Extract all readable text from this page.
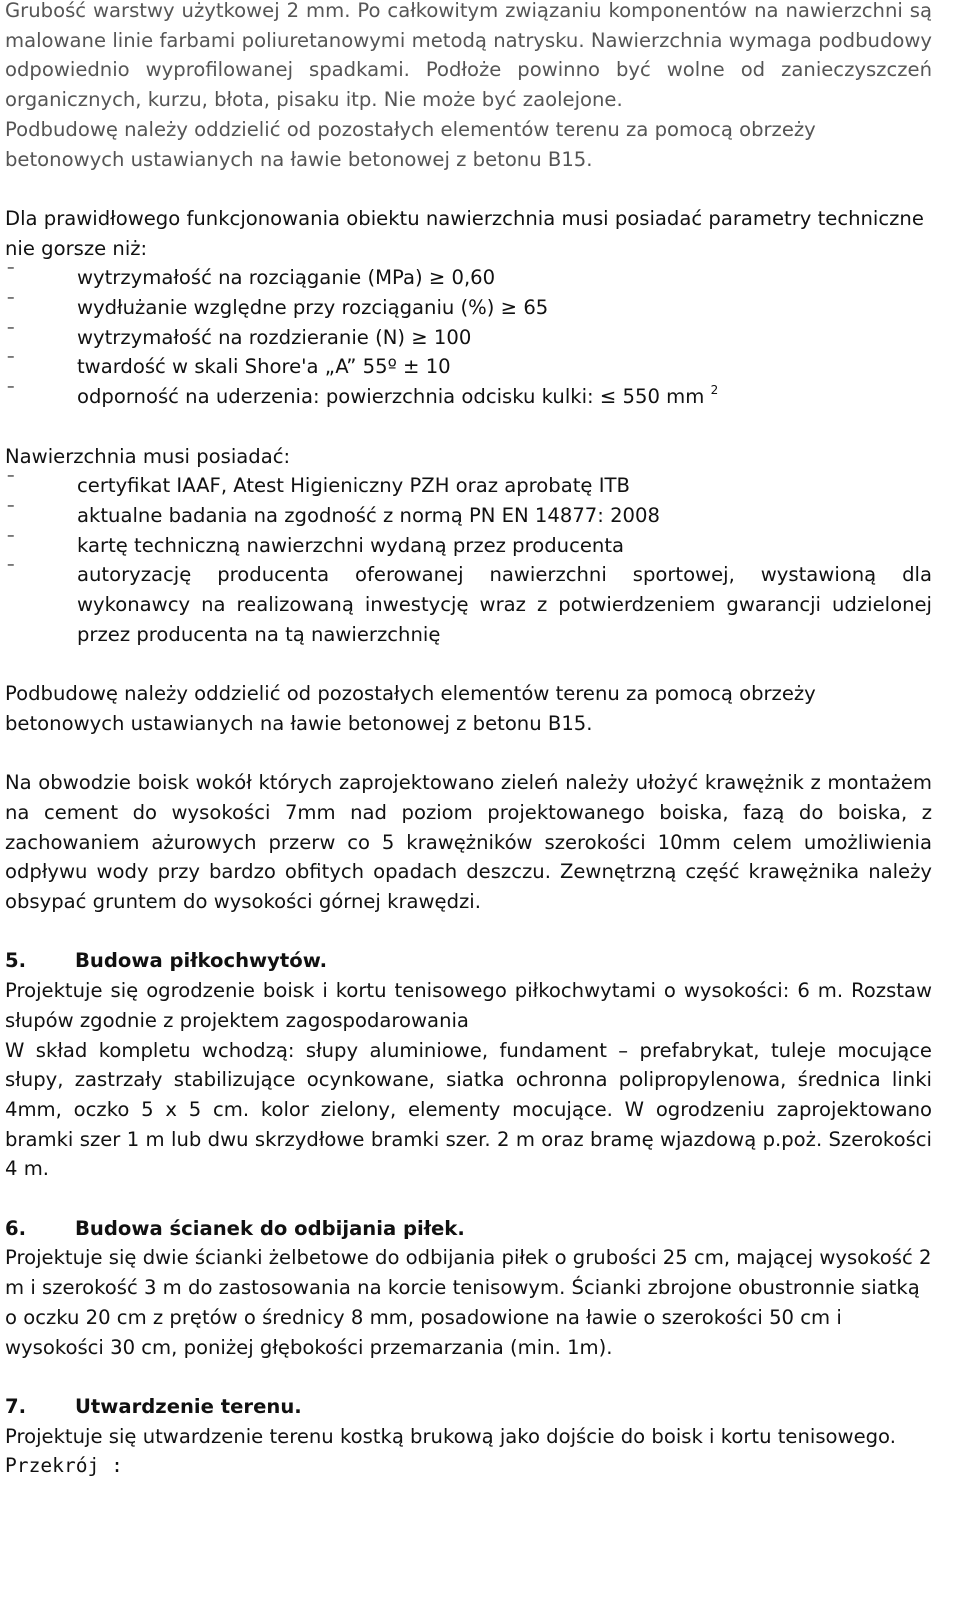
Grubość warstwy użytkowej 2 mm. Po całkowitym związaniu komponentów na nawierzchni są malowane linie farbami poliuretanowymi metodą natrysku. Nawierzchnia wymaga podbudowy odpowiednio wyprofilowanej spadkami. Podłoże powinno być wolne od zanieczyszczeń organicznych, kurzu, błota, pisaku itp. Nie może być zaolejone.

Podbudowę należy oddzielić od pozostałych elementów terenu za pomocą obrzeży betonowych ustawianych na ławie betonowej z betonu B15.

Dla prawidłowego funkcjonowania obiektu nawierzchnia musi posiadać parametry techniczne nie gorsze niż:

–	wytrzymałość na rozciąganie (MPa) ≥ 0,60
–	wydłużanie względne przy rozciąganiu (%) ≥ 65
–	wytrzymałość na rozdzieranie (N) ≥ 100
–	twardość w skali Shore'a „A” 55º ± 10
–	odporność na uderzenia: powierzchnia odcisku kulki: ≤ 550 mm $^2$

Nawierzchnia musi posiadać:

–	certyfikat IAAF, Atest Higieniczny PZH oraz aprobatę ITB
–	aktualne badania na zgodność z normą PN EN 14877: 2008
–	kartę techniczną nawierzchni wydaną przez producenta
–	autoryzację producenta oferowanej nawierzchni sportowej, wystawioną dla wykonawcy na realizowaną inwestycję wraz z potwierdzeniem gwarancji udzielonej przez producenta na tą nawierzchnię

Podbudowę należy oddzielić od pozostałych elementów terenu za pomocą obrzeży betonowych ustawianych na ławie betonowej z betonu B15.

Na obwodzie boisk wokół których zaprojektowano zieleń należy ułożyć krawężnik z montażem na cement do wysokości 7mm nad poziom projektowanego boiska, fazą do boiska, z zachowaniem ażurowych przerw co 5 krawężników szerokości 10mm celem umożliwienia odpływu wody przy bardzo obfitych opadach deszczu. Zewnętrzną część krawężnika należy obsypać gruntem do wysokości górnej krawędzi.

5. Budowa piłkochwytów.

Projektuje się ogrodzenie boisk i kortu tenisowego piłkochwytami o wysokości: 6 m. Rozstaw słupów zgodnie z projektem zagospodarowania

W skład kompletu wchodzą: słupy aluminiowe, fundament – prefabrykat, tuleje mocujące słupy, zastrzały stabilizujące ocynkowane, siatka ochronna polipropylenowa, średnica linki 4mm, oczko 5 x 5 cm. kolor zielony, elementy mocujące. W ogrodzeniu zaprojektowano bramki szer 1 m lub dwu skrzydłowe bramki szer. 2 m oraz bramę wjazdową p.poż. Szerokości 4 m.

6. Budowa ścianek do odbijania piłek.

Projektuje się dwie ścianki żelbetowe do odbijania piłek o grubości 25 cm, mającej wysokość 2 m i szerokość 3 m do zastosowania na korcie tenisowym. Ścianki zbrojone obustronnie siatką o oczku 20 cm z prętów o średnicy 8 mm, posadowione na ławie o szerokości 50 cm i wysokości 30 cm, poniżej głębokości przemarzania (min. 1m).

7. Utwardzenie terenu.

Projektuje się utwardzenie terenu kostką brukową jako dojście do boisk i kortu tenisowego.

Przekrój :
